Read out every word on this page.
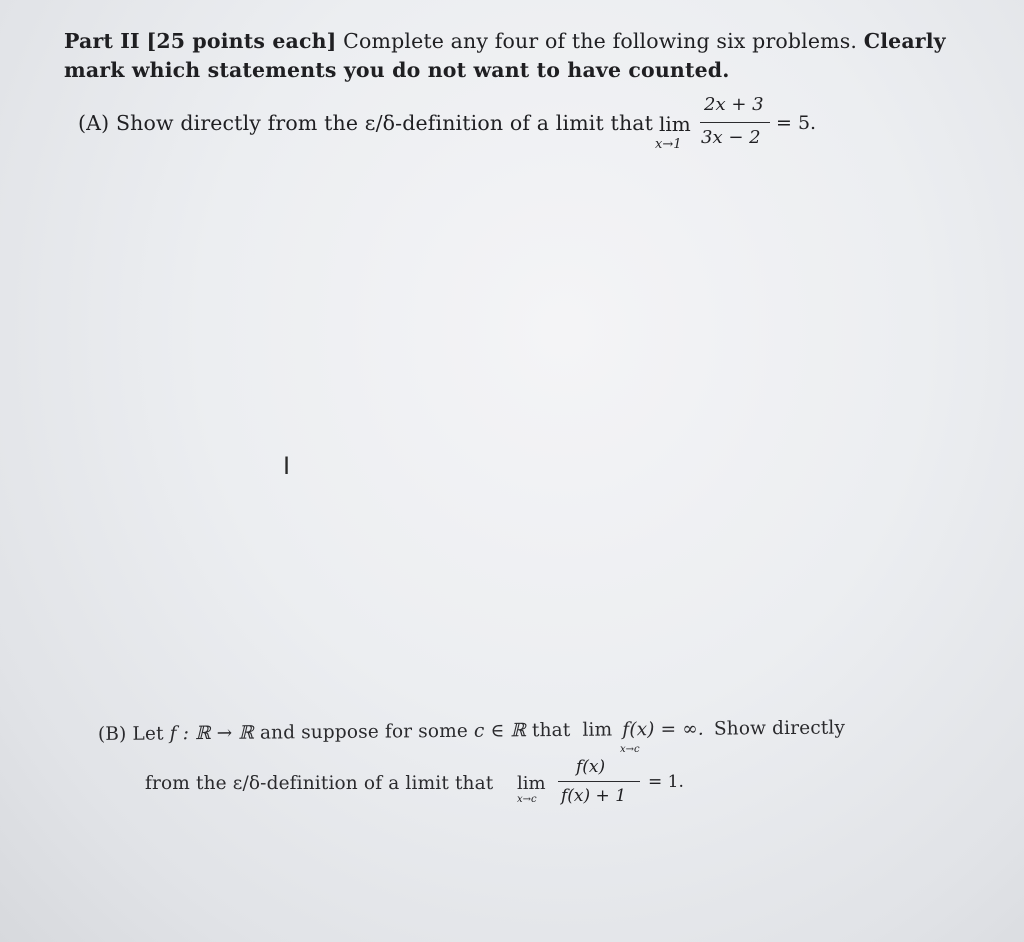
Part II [25 points each] Complete any four of the following six problems. Clearly
mark which statements you do not want to have counted.
(A) Show directly from the ε/δ-definition of a limit that lim
x→1
2x + 3
3x − 2
= 5.
I
(B) Let f : ℝ → ℝ and suppose for some c ∈ ℝ that lim f(x) = ∞. Show directly
x→c
from the ε/δ-definition of a limit that lim
x→c
f(x)
f(x) + 1
= 1.
